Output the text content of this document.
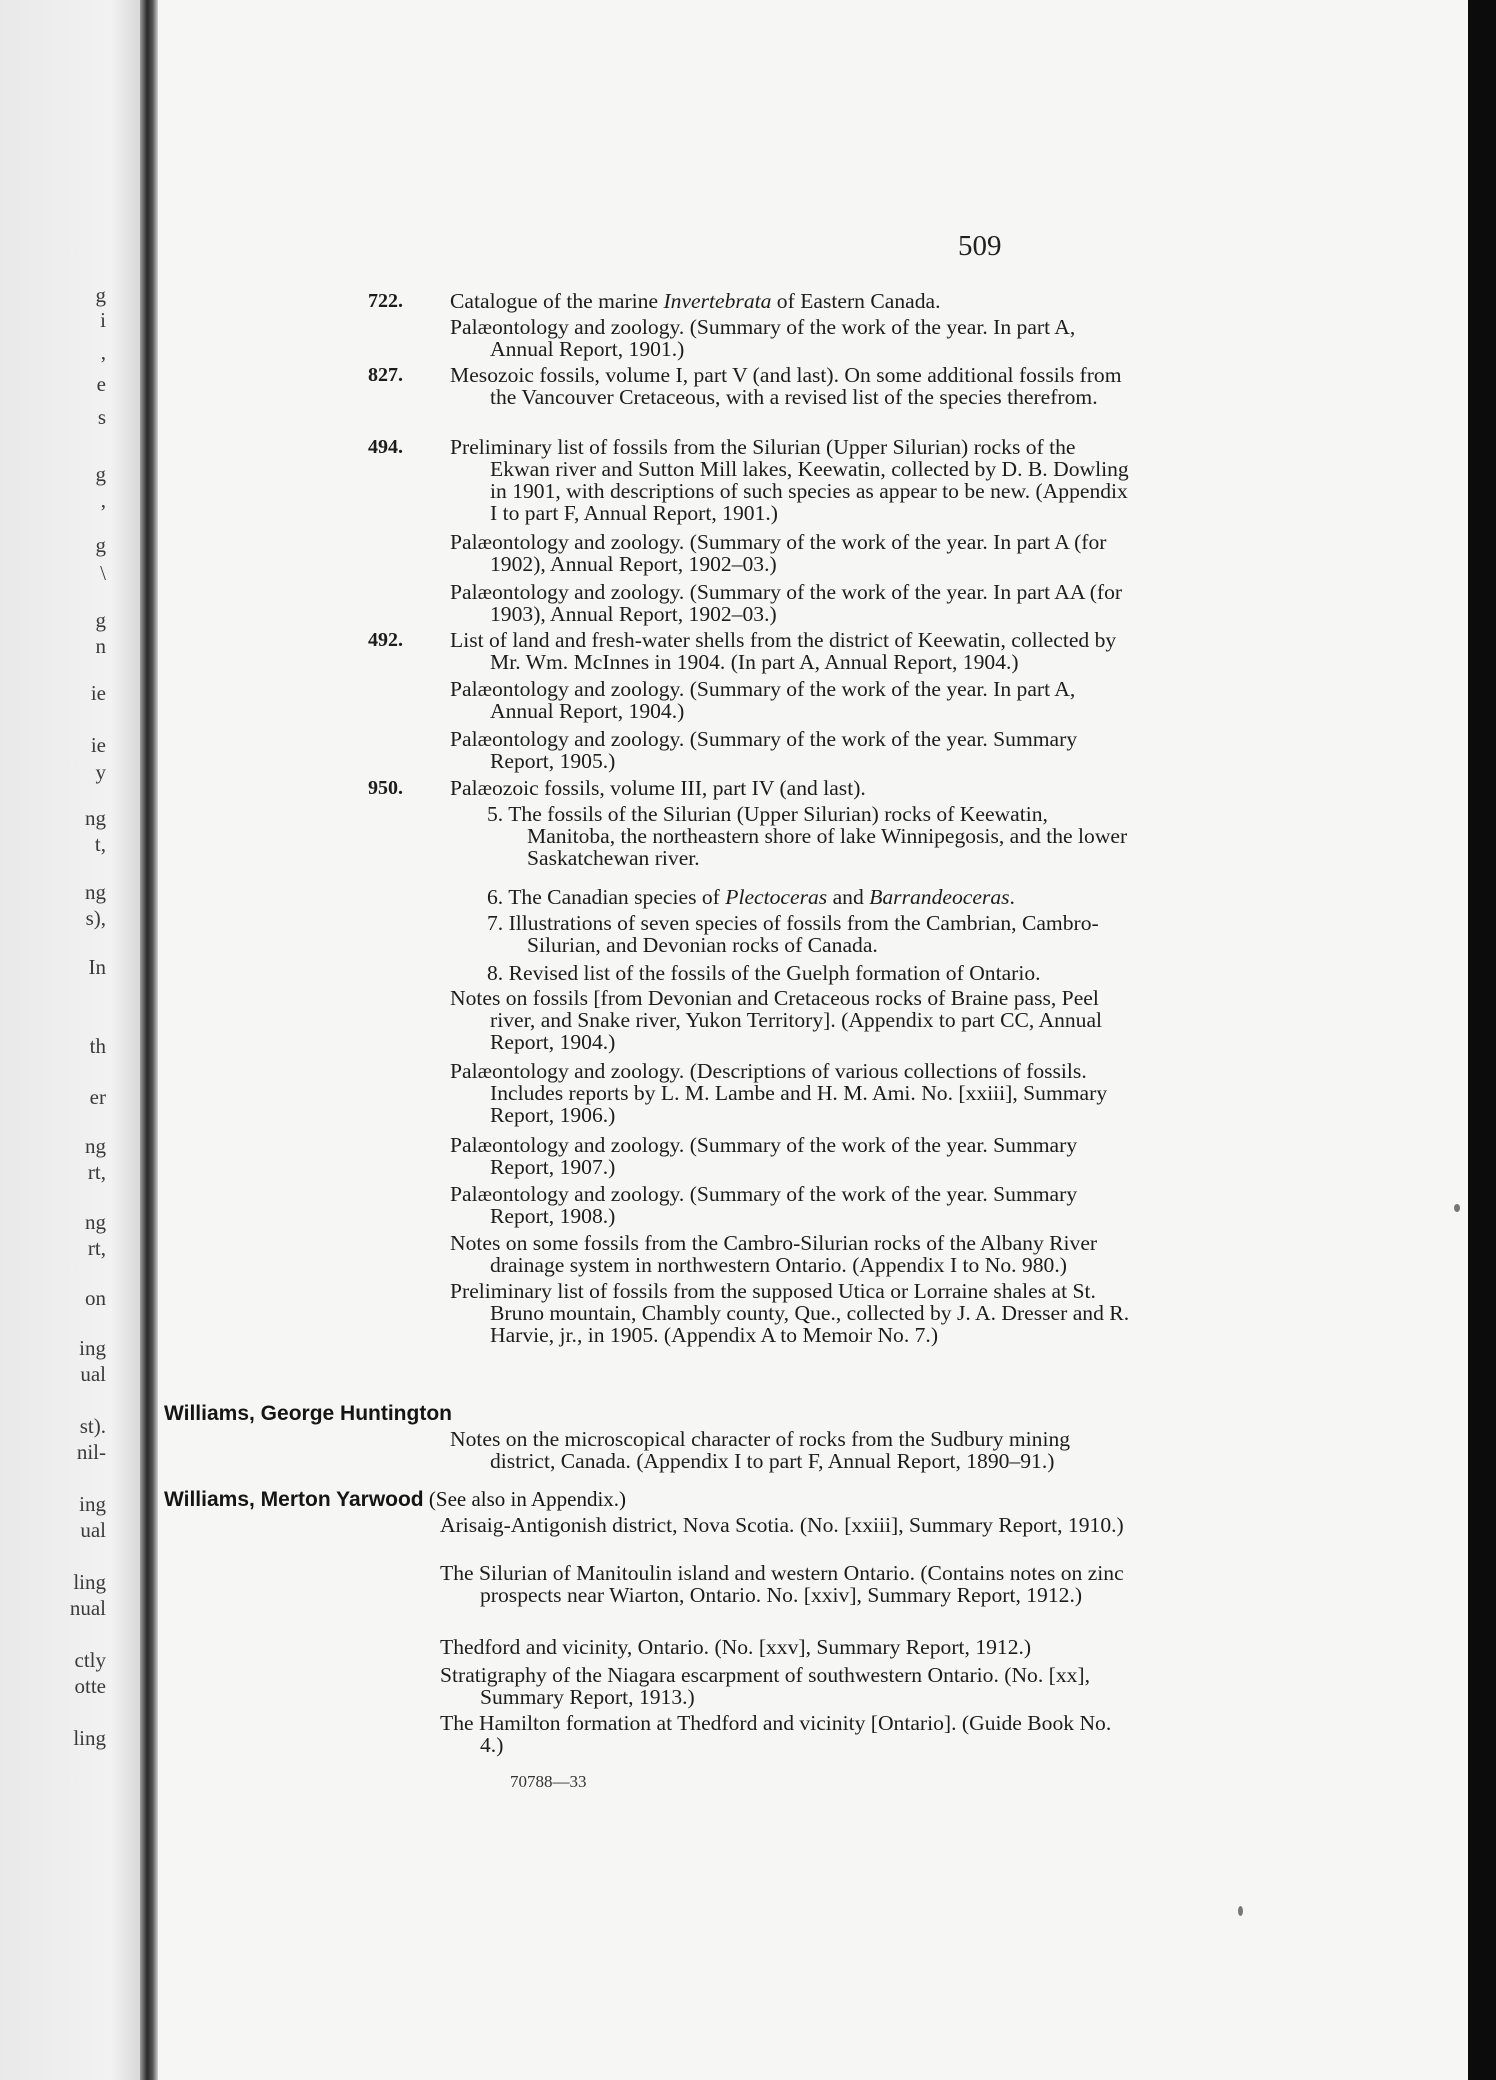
g
i
,
e
s
g
,
g
\
g
n
ie
ie
y
ng
t,
ng
s),
In
th
er
ng
rt,
ng
rt,
on
ing
ual
st).
nil-
ing
ual
ling
nual
ctly
otte
ling
509
722. Catalogue of the marine Invertebrata of Eastern Canada.
Palæontology and zoology. (Summary of the work of the year. In part A, Annual Report, 1901.)
827. Mesozoic fossils, volume I, part V (and last). On some additional fossils from the Vancouver Cretaceous, with a revised list of the species therefrom.
494. Preliminary list of fossils from the Silurian (Upper Silurian) rocks of the Ekwan river and Sutton Mill lakes, Keewatin, collected by D. B. Dowling in 1901, with descriptions of such species as appear to be new. (Appendix I to part F, Annual Report, 1901.)
Palæontology and zoology. (Summary of the work of the year. In part A (for 1902), Annual Report, 1902–03.)
Palæontology and zoology. (Summary of the work of the year. In part AA (for 1903), Annual Report, 1902–03.)
492. List of land and fresh-water shells from the district of Keewatin, collected by Mr. Wm. McInnes in 1904. (In part A, Annual Report, 1904.)
Palæontology and zoology. (Summary of the work of the year. In part A, Annual Report, 1904.)
Palæontology and zoology. (Summary of the work of the year. Summary Report, 1905.)
950. Palæozoic fossils, volume III, part IV (and last).
5. The fossils of the Silurian (Upper Silurian) rocks of Keewatin, Manitoba, the northeastern shore of lake Winnipegosis, and the lower Saskatchewan river.
6. The Canadian species of Plectoceras and Barrandeoceras.
7. Illustrations of seven species of fossils from the Cambrian, Cambro-Silurian, and Devonian rocks of Canada.
8. Revised list of the fossils of the Guelph formation of Ontario.
Notes on fossils [from Devonian and Cretaceous rocks of Braine pass, Peel river, and Snake river, Yukon Territory]. (Appendix to part CC, Annual Report, 1904.)
Palæontology and zoology. (Descriptions of various collections of fossils. Includes reports by L. M. Lambe and H. M. Ami. No. [xxiii], Summary Report, 1906.)
Palæontology and zoology. (Summary of the work of the year. Summary Report, 1907.)
Palæontology and zoology. (Summary of the work of the year. Summary Report, 1908.)
Notes on some fossils from the Cambro-Silurian rocks of the Albany River drainage system in northwestern Ontario. (Appendix I to No. 980.)
Preliminary list of fossils from the supposed Utica or Lorraine shales at St. Bruno mountain, Chambly county, Que., collected by J. A. Dresser and R. Harvie, jr., in 1905. (Appendix A to Memoir No. 7.)
Williams, George Huntington
Notes on the microscopical character of rocks from the Sudbury mining district, Canada. (Appendix I to part F, Annual Report, 1890–91.)
Williams, Merton Yarwood (See also in Appendix.)
Arisaig-Antigonish district, Nova Scotia. (No. [xxiii], Summary Report, 1910.)
The Silurian of Manitoulin island and western Ontario. (Contains notes on zinc prospects near Wiarton, Ontario. No. [xxiv], Summary Report, 1912.)
Thedford and vicinity, Ontario. (No. [xxv], Summary Report, 1912.)
Stratigraphy of the Niagara escarpment of southwestern Ontario. (No. [xx], Summary Report, 1913.)
The Hamilton formation at Thedford and vicinity [Ontario]. (Guide Book No. 4.)
70788—33
